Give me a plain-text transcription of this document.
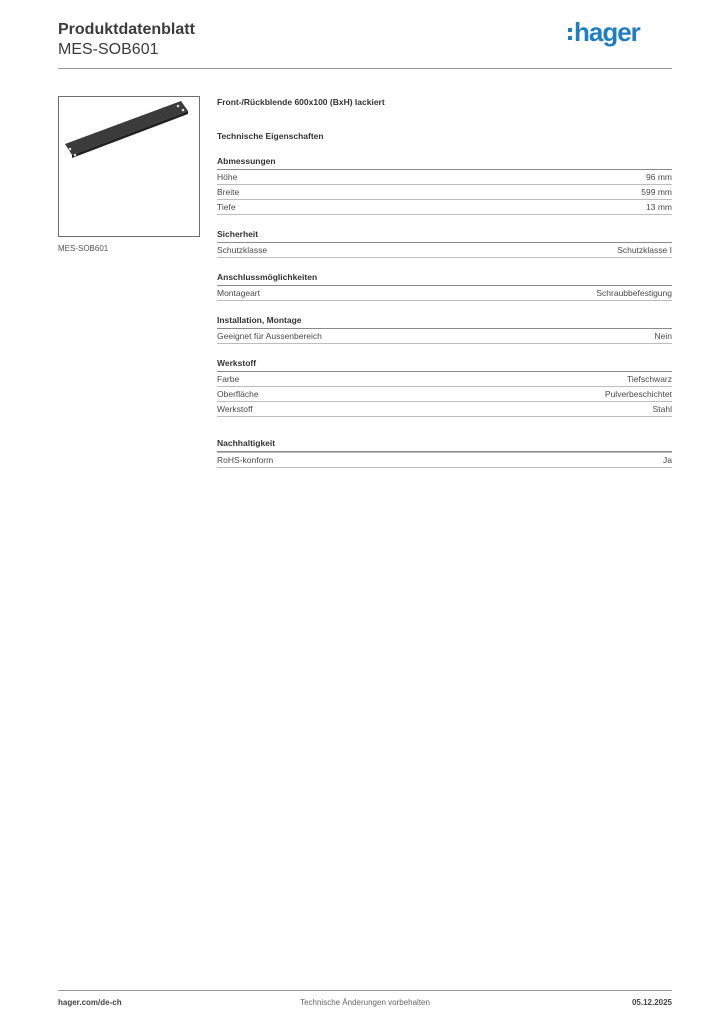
Produktdatenblatt
MES-SOB601
hager
MES-SOB601
Front-/Rückblende 600x100 (BxH) lackiert
Technische Eigenschaften
Abmessungen
Höhe	96 mm
Breite	599 mm
Tiefe	13 mm
Sicherheit
Schutzklasse	Schutzklasse I
Anschlussmöglichkeiten
Montageart	Schraubbefestigung
Installation, Montage
Geeignet für Aussenbereich	Nein
Werkstoff
Farbe	Tiefschwarz
Oberfläche	Pulverbeschichtet
Werkstoff	Stahl
Nachhaltigkeit
RoHS-konform	Ja
hager.com/de-ch	Technische Änderungen vorbehalten	05.12.2025
